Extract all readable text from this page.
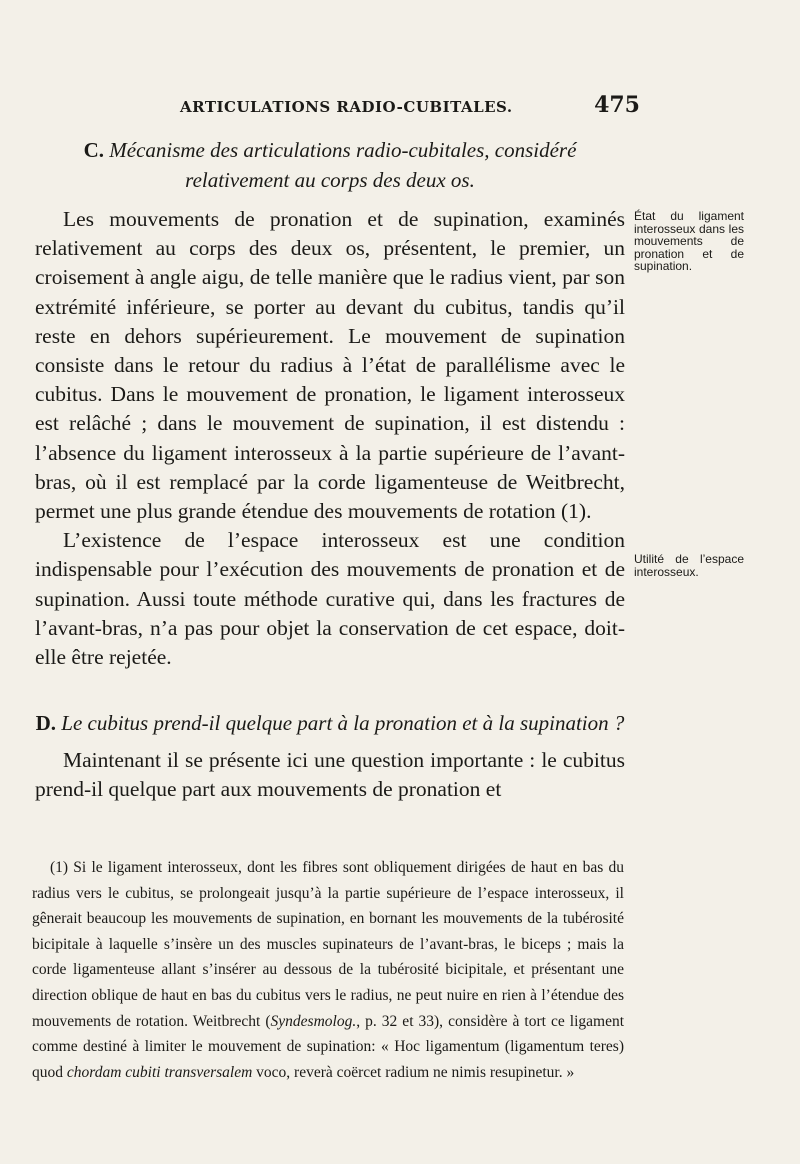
ARTICULATIONS RADIO-CUBITALES.	475

C. Mécanisme des articulations radio-cubitales, considéré relativement au corps des deux os.

Les mouvements de pronation et de supination, examinés relativement au corps des deux os, présentent, le premier, un croisement à angle aigu, de telle manière que le radius vient, par son extrémité inférieure, se porter au devant du cubitus, tandis qu’il reste en dehors supérieurement. Le mouvement de supination consiste dans le retour du radius à l’état de parallélisme avec le cubitus. Dans le mouvement de pronation, le ligament interosseux est relâché ; dans le mouvement de supination, il est distendu : l’absence du ligament interosseux à la partie supérieure de l’avant-bras, où il est remplacé par la corde ligamenteuse de Weitbrecht, permet une plus grande étendue des mouvements de rotation (1).

L’existence de l’espace interosseux est une condition indispensable pour l’exécution des mouvements de pronation et de supination. Aussi toute méthode curative qui, dans les fractures de l’avant-bras, n’a pas pour objet la conservation de cet espace, doit-elle être rejetée.

D. Le cubitus prend-il quelque part à la pronation et à la supination ?

Maintenant il se présente ici une question importante : le cubitus prend-il quelque part aux mouvements de pronation et

État du ligament interosseux dans les mouvements de pronation et de supination.
Utilité de l’espace interosseux.

(1) Si le ligament interosseux, dont les fibres sont obliquement dirigées de haut en bas du radius vers le cubitus, se prolongeait jusqu’à la partie supérieure de l’espace interosseux, il gênerait beaucoup les mouvements de supination, en bornant les mouvements de la tubérosité bicipitale à laquelle s’insère un des muscles supinateurs de l’avant-bras, le biceps ; mais la corde ligamenteuse allant s’insérer au dessous de la tubérosité bicipitale, et présentant une direction oblique de haut en bas du cubitus vers le radius, ne peut nuire en rien à l’étendue des mouvements de rotation. Weitbrecht (Syndesmolog., p. 32 et 33), considère à tort ce ligament comme destiné à limiter le mouvement de supination: « Hoc ligamentum (ligamentum teres) quod chordam cubiti transversalem voco, reverà coërcet radium ne nimis resupinetur. »
